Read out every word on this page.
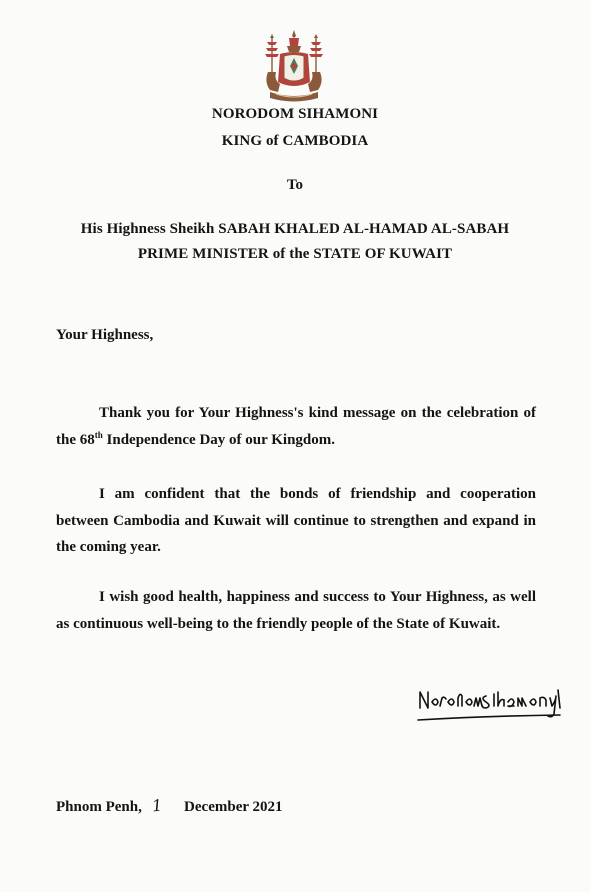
NORODOM SIHAMONI
KING of CAMBODIA
To
His Highness Sheikh SABAH KHALED AL-HAMAD AL-SABAH
PRIME MINISTER of the STATE OF KUWAIT
Your Highness,
Thank you for Your Highness's kind message on the celebration of the 68th Independence Day of our Kingdom.
I am confident that the bonds of friendship and cooperation between Cambodia and Kuwait will continue to strengthen and expand in the coming year.
I wish good health, happiness and success to Your Highness, as well as continuous well-being to the friendly people of the State of Kuwait.
Phnom Penh, 1 December 2021
